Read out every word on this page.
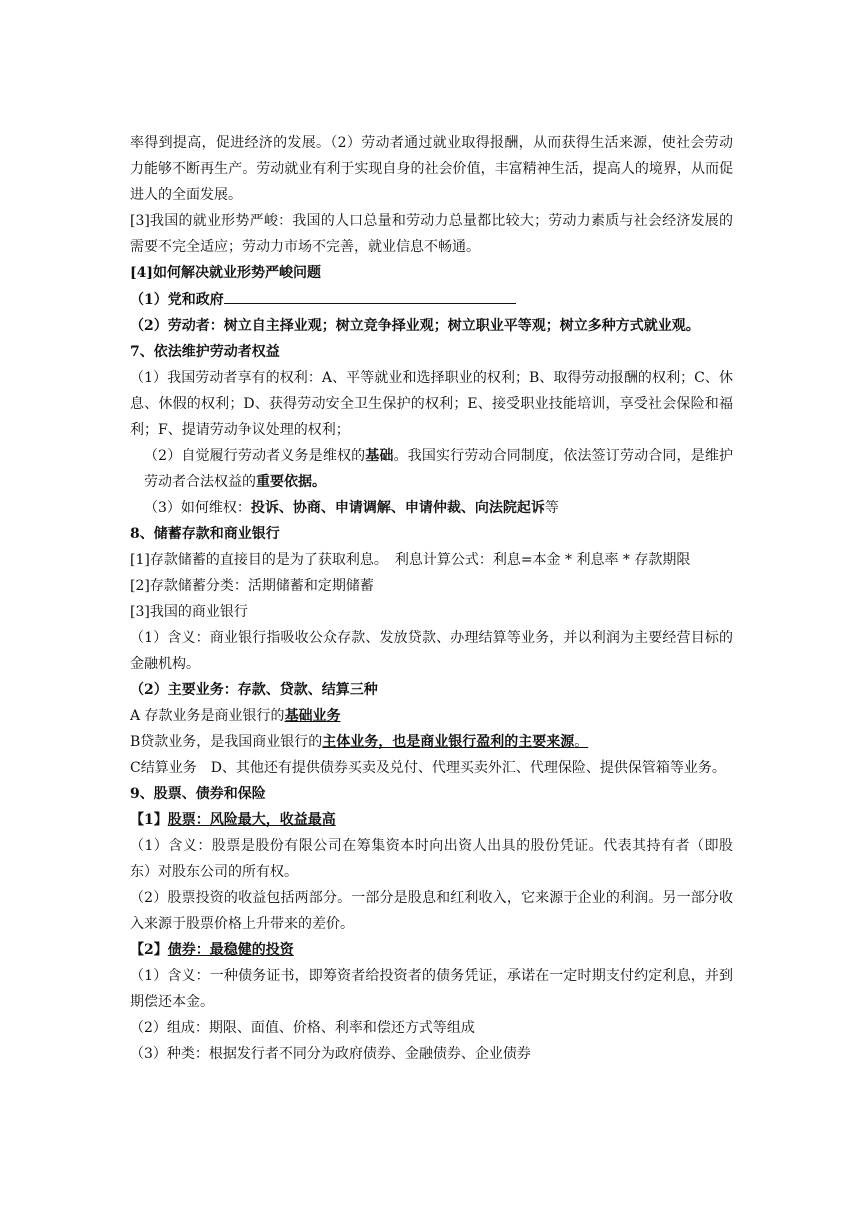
率得到提高，促进经济的发展。（2）劳动者通过就业取得报酬，从而获得生活来源，使社会劳动力能够不断再生产。劳动就业有利于实现自身的社会价值，丰富精神生活，提高人的境界，从而促进人的全面发展。

[3]我国的就业形势严峻：我国的人口总量和劳动力总量都比较大；劳动力素质与社会经济发展的需要不完全适应；劳动力市场不完善，就业信息不畅通。

[4]如何解决就业形势严峻问题

（1）党和政府

（2）劳动者：树立自主择业观；树立竞争择业观；树立职业平等观；树立多种方式就业观。

7、依法维护劳动者权益

（1）我国劳动者享有的权利：A、平等就业和选择职业的权利；B、取得劳动报酬的权利；C、休息、休假的权利；D、获得劳动安全卫生保护的权利；E、接受职业技能培训，享受社会保险和福利；F、提请劳动争议处理的权利；

（2）自觉履行劳动者义务是维权的基础。我国实行劳动合同制度，依法签订劳动合同，是维护劳动者合法权益的重要依据。

（3）如何维权：投诉、协商、申请调解、申请仲裁、向法院起诉等

8、储蓄存款和商业银行

[1]存款储蓄的直接目的是为了获取利息。　利息计算公式：利息=本金 * 利息率 * 存款期限

[2]存款储蓄分类：活期储蓄和定期储蓄

[3]我国的商业银行

（1）含义：商业银行指吸收公众存款、发放贷款、办理结算等业务，并以利润为主要经营目标的金融机构。

（2）主要业务：存款、贷款、结算三种

A 存款业务是商业银行的基础业务

B贷款业务，是我国商业银行的主体业务，也是商业银行盈利的主要来源。

C结算业务　D、其他还有提供债券买卖及兑付、代理买卖外汇、代理保险、提供保管箱等业务。

9、股票、债券和保险

【1】股票：风险最大，收益最高

（1）含义：股票是股份有限公司在筹集资本时向出资人出具的股份凭证。代表其持有者（即股东）对股东公司的所有权。

（2）股票投资的收益包括两部分。一部分是股息和红利收入，它来源于企业的利润。另一部分收入来源于股票价格上升带来的差价。

【2】债券：最稳健的投资

（1）含义：一种债务证书，即筹资者给投资者的债务凭证，承诺在一定时期支付约定利息，并到期偿还本金。

（2）组成：期限、面值、价格、利率和偿还方式等组成

（3）种类：根据发行者不同分为政府债券、金融债券、企业债券
